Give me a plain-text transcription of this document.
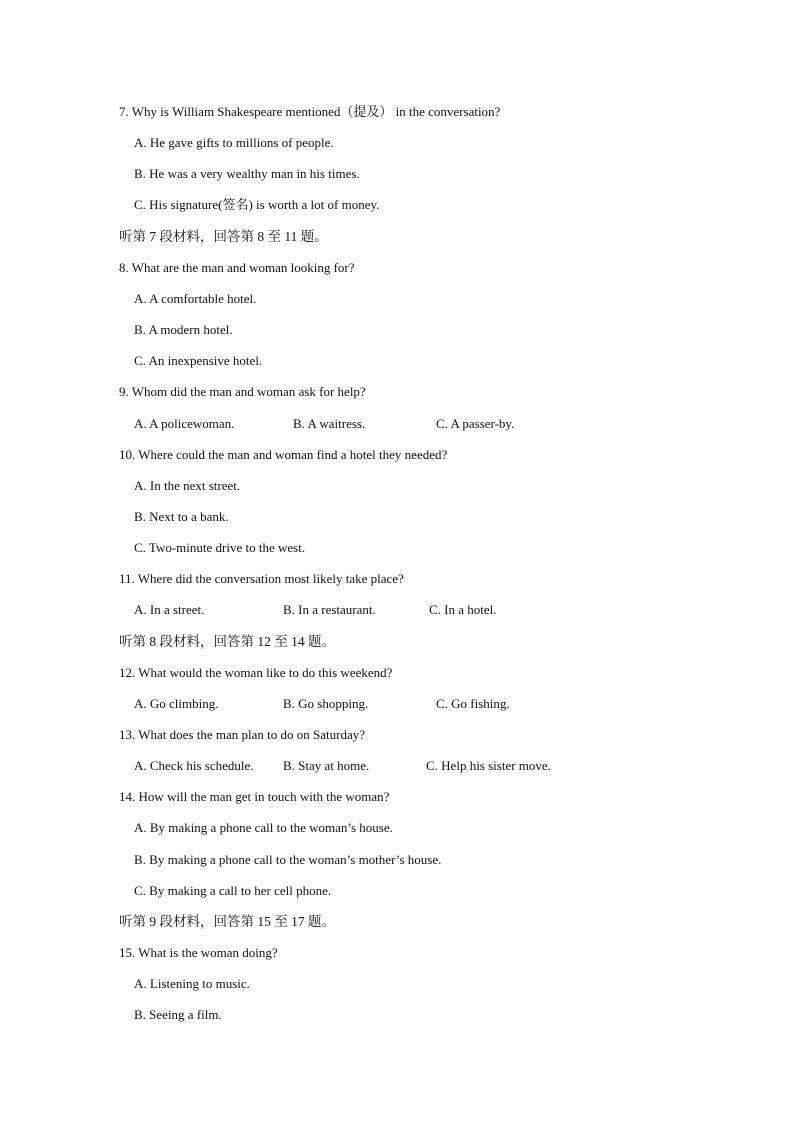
7. Why is William Shakespeare mentioned（提及） in the conversation?
A. He gave gifts to millions of people.
B. He was a very wealthy man in his times.
C. His signature(签名) is worth a lot of money.
听第 7 段材料，回答第 8 至 11 题。
8. What are the man and woman looking for?
A. A comfortable hotel.
B. A modern hotel.
C. An inexpensive hotel.
9. Whom did the man and woman ask for help?
A. A policewoman.	B. A waitress.	C. A passer-by.
10. Where could the man and woman find a hotel they needed?
A. In the next street.
B. Next to a bank.
C. Two-minute drive to the west.
11. Where did the conversation most likely take place?
A. In a street.	B. In a restaurant.	C. In a hotel.
听第 8 段材料，回答第 12 至 14 题。
12. What would the woman like to do this weekend?
A. Go climbing.	B. Go shopping.	C. Go fishing.
13. What does the man plan to do on Saturday?
A. Check his schedule. B. Stay at home.	C. Help his sister move.
14. How will the man get in touch with the woman?
A. By making a phone call to the woman’s house.
B. By making a phone call to the woman’s mother’s house.
C. By making a call to her cell phone.
听第 9 段材料，回答第 15 至 17 题。
15. What is the woman doing?
A. Listening to music.
B. Seeing a film.
